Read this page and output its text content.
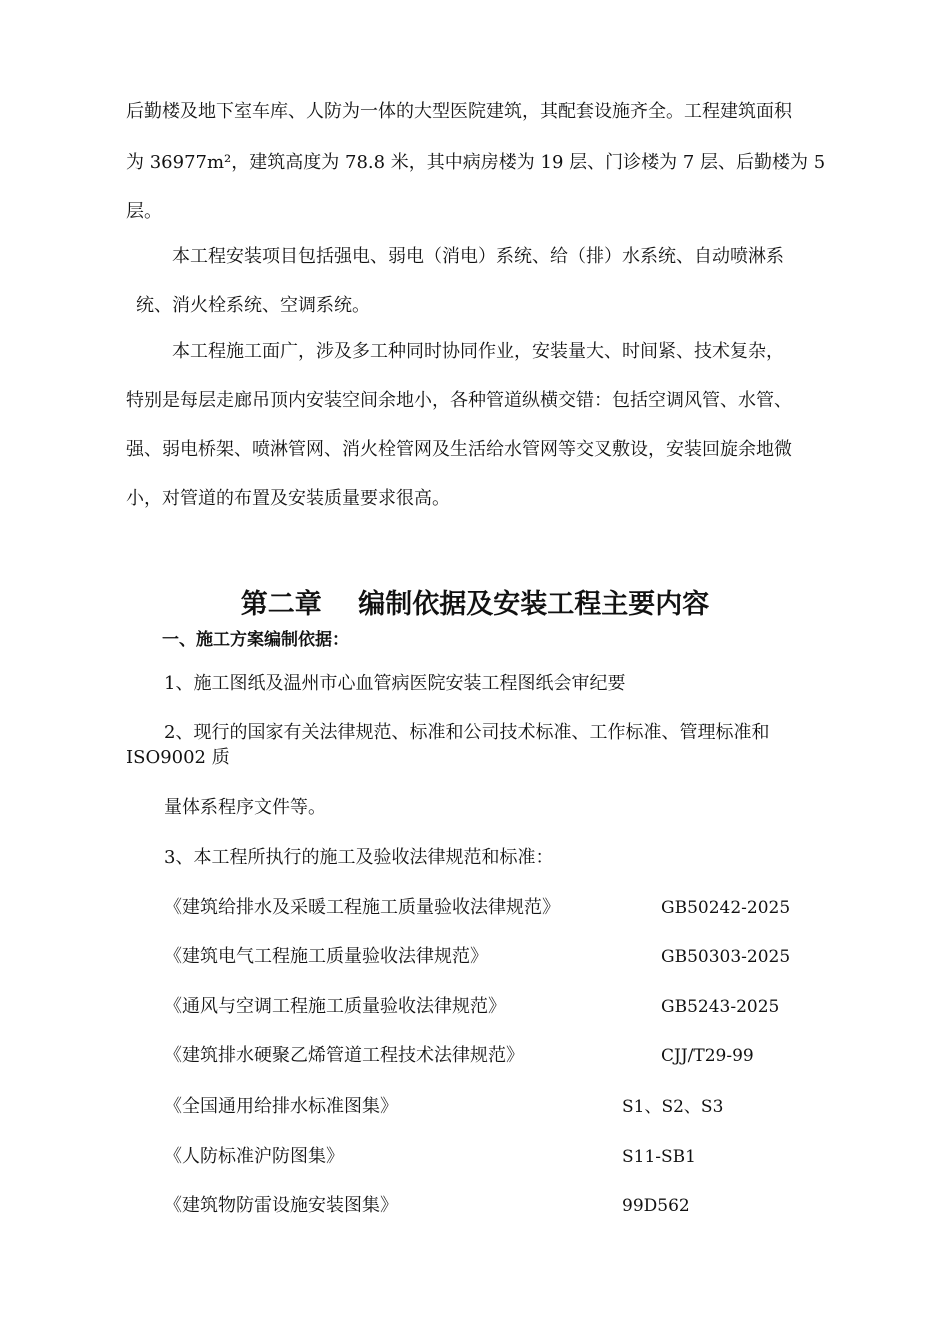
后勤楼及地下室车库、人防为一体的大型医院建筑，其配套设施齐全。工程建筑面积
为 36977m²，建筑高度为 78.8 米，其中病房楼为 19 层、门诊楼为 7 层、后勤楼为 5
层。
本工程安装项目包括强电、弱电（消电）系统、给（排）水系统、自动喷淋系
统、消火栓系统、空调系统。
本工程施工面广，涉及多工种同时协同作业，安装量大、时间紧、技术复杂，
特别是每层走廊吊顶内安装空间余地小，各种管道纵横交错：包括空调风管、水管、
强、弱电桥架、喷淋管网、消火栓管网及生活给水管网等交叉敷设，安装回旋余地微
小，对管道的布置及安装质量要求很高。
第二章　 编制依据及安装工程主要内容
一、施工方案编制依据：
1、施工图纸及温州市心血管病医院安装工程图纸会审纪要
2、现行的国家有关法律规范、标准和公司技术标准、工作标准、管理标准和
ISO9002 质
量体系程序文件等。
3、本工程所执行的施工及验收法律规范和标准：
《建筑给排水及采暖工程施工质量验收法律规范》	GB50242-2025
《建筑电气工程施工质量验收法律规范》	GB50303-2025
《通风与空调工程施工质量验收法律规范》	GB5243-2025
《建筑排水硬聚乙烯管道工程技术法律规范》	CJJ/T29-99
《全国通用给排水标准图集》	S1、S2、S3
《人防标准沪防图集》	S11-SB1
《建筑物防雷设施安装图集》	99D562
